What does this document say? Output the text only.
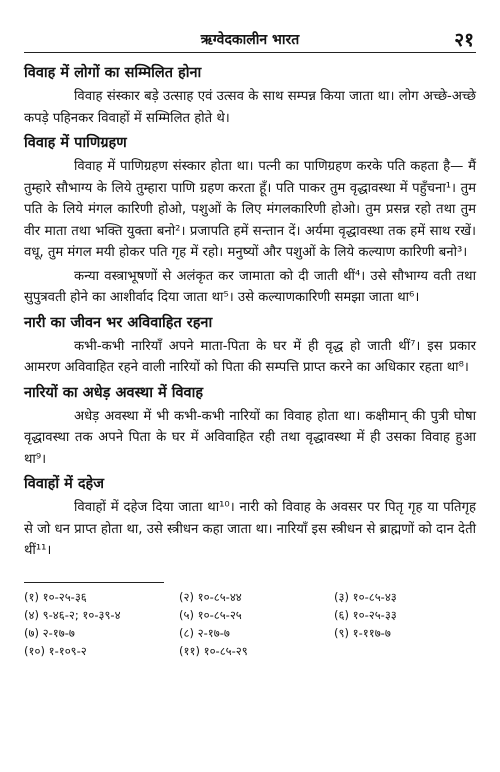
ऋग्वेदकालीन भारत	२१
विवाह में लोगों का सम्मिलित होना

विवाह संस्कार बड़े उत्साह एवं उत्सव के साथ सम्पन्न किया जाता था। लोग अच्छे-अच्छे कपड़े पहिनकर विवाहों में सम्मिलित होते थे।

विवाह में पाणिग्रहण

विवाह में पाणिग्रहण संस्कार होता था। पत्नी का पाणिग्रहण करके पति कहता है— मैं तुम्हारे सौभाग्य के लिये तुम्हारा पाणि ग्रहण करता हूँ। पति पाकर तुम वृद्धावस्था में पहुँचना¹। तुम पति के लिये मंगल कारिणी होओ, पशुओं के लिए मंगलकारिणी होओ। तुम प्रसन्न रहो तथा तुम वीर माता तथा भक्ति युक्ता बनो²। प्रजापति हमें सन्तान दें। अर्यमा वृद्धावस्था तक हमें साथ रखें। वधू, तुम मंगल मयी होकर पति गृह में रहो। मनुष्यों और पशुओं के लिये कल्याण कारिणी बनो³।

कन्या वस्त्राभूषणों से अलंकृत कर जामाता को दी जाती थीं⁴। उसे सौभाग्य वती तथा सुपुत्रवती होने का आशीर्वाद दिया जाता था⁵। उसे कल्याणकारिणी समझा जाता था⁶।

नारी का जीवन भर अविवाहित रहना

कभी-कभी नारियाँ अपने माता-पिता के घर में ही वृद्ध हो जाती थीं⁷। इस प्रकार आमरण अविवाहित रहने वाली नारियों को पिता की सम्पत्ति प्राप्त करने का अधिकार रहता था⁸।

नारियों का अधेड़ अवस्था में विवाह

अधेड़ अवस्था में भी कभी-कभी नारियों का विवाह होता था। कक्षीमान् की पुत्री घोषा वृद्धावस्था तक अपने पिता के घर में अविवाहित रही तथा वृद्धावस्था में ही उसका विवाह हुआ था⁹।

विवाहों में दहेज

विवाहों में दहेज दिया जाता था¹⁰। नारी को विवाह के अवसर पर पितृ गृह या पतिगृह से जो धन प्राप्त होता था, उसे स्त्रीधन कहा जाता था। नारियाँ इस स्त्रीधन से ब्राह्मणों को दान देती थीं¹¹।

(१) १०-२५-३६	(२) १०-८५-४४	(३) १०-८५-४३
(४) ९-४६-२; १०-३९-४	(५) १०-८५-२५	(६) १०-२५-३३
(७) २-१७-७	(८) २-१७-७	(९) १-११७-७
(१०) १-१०९-२	(११) १०-८५-२९
